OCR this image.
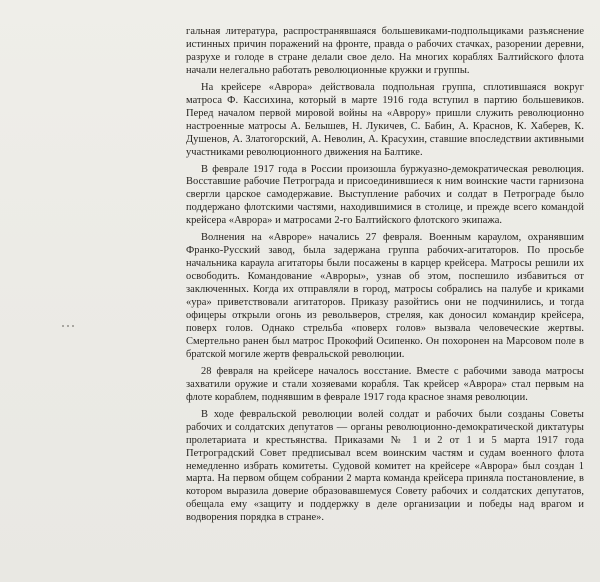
гальная литература, распространявшаяся большевиками-подпольщиками разъяснение истинных причин поражений на фронте, правда о рабочих стачках, разорении деревни, разрухе и голоде в стране делали свое дело. На многих кораблях Балтийского флота начали нелегально работать революционные кружки и группы.

На крейсере «Аврора» действовала подпольная группа, сплотившаяся вокруг матроса Ф. Кассихина, который в марте 1916 года вступил в партию большевиков. Перед началом первой мировой войны на «Аврору» пришли служить революционно настроенные матросы А. Белышев, Н. Лукичев, С. Бабин, А. Краснов, К. Хаберев, К. Душенов, А. Златогорский, А. Неволин, А. Красухин, ставшие впоследствии активными участниками революционного движения на Балтике.

В феврале 1917 года в России произошла буржуазно-демократическая революция. Восставшие рабочие Петрограда и присоединившиеся к ним воинские части гарнизона свергли царское самодержавие. Выступление рабочих и солдат в Петрограде было поддержано флотскими частями, находившимися в столице, и прежде всего командой крейсера «Аврора» и матросами 2-го Балтийского флотского экипажа.

Волнения на «Авроре» начались 27 февраля. Военным караулом, охранявшим Франко-Русский завод, была задержана группа рабочих-агитаторов. По просьбе начальника караула агитаторы были посажены в карцер крейсера. Матросы решили их освободить. Командование «Авроры», узнав об этом, поспешило избавиться от заключенных. Когда их отправляли в город, матросы собрались на палубе и криками «ура» приветствовали агитаторов. Приказу разойтись они не подчинились, и тогда офицеры открыли огонь из револьверов, стреляя, как доносил командир крейсера, поверх голов. Однако стрельба «поверх голов» вызвала человеческие жертвы. Смертельно ранен был матрос Прокофий Осипенко. Он похоронен на Марсовом поле в братской могиле жертв февральской революции.

28 февраля на крейсере началось восстание. Вместе с рабочими завода матросы захватили оружие и стали хозяевами корабля. Так крейсер «Аврора» стал первым на флоте кораблем, поднявшим в феврале 1917 года красное знамя революции.

В ходе февральской революции волей солдат и рабочих были созданы Советы рабочих и солдатских депутатов — органы революционно-демократической диктатуры пролетариата и крестьянства. Приказами № 1 и 2 от 1 и 5 марта 1917 года Петроградский Совет предписывал всем воинским частям и судам военного флота немедленно избрать комитеты. Судовой комитет на крейсере «Аврора» был создан 1 марта. На первом общем собрании 2 марта команда крейсера приняла постановление, в котором выразила доверие образовавшемуся Совету рабочих и солдатских депутатов, обещала ему «защиту и поддержку в деле организации и победы над врагом и водворения порядка в стране».
